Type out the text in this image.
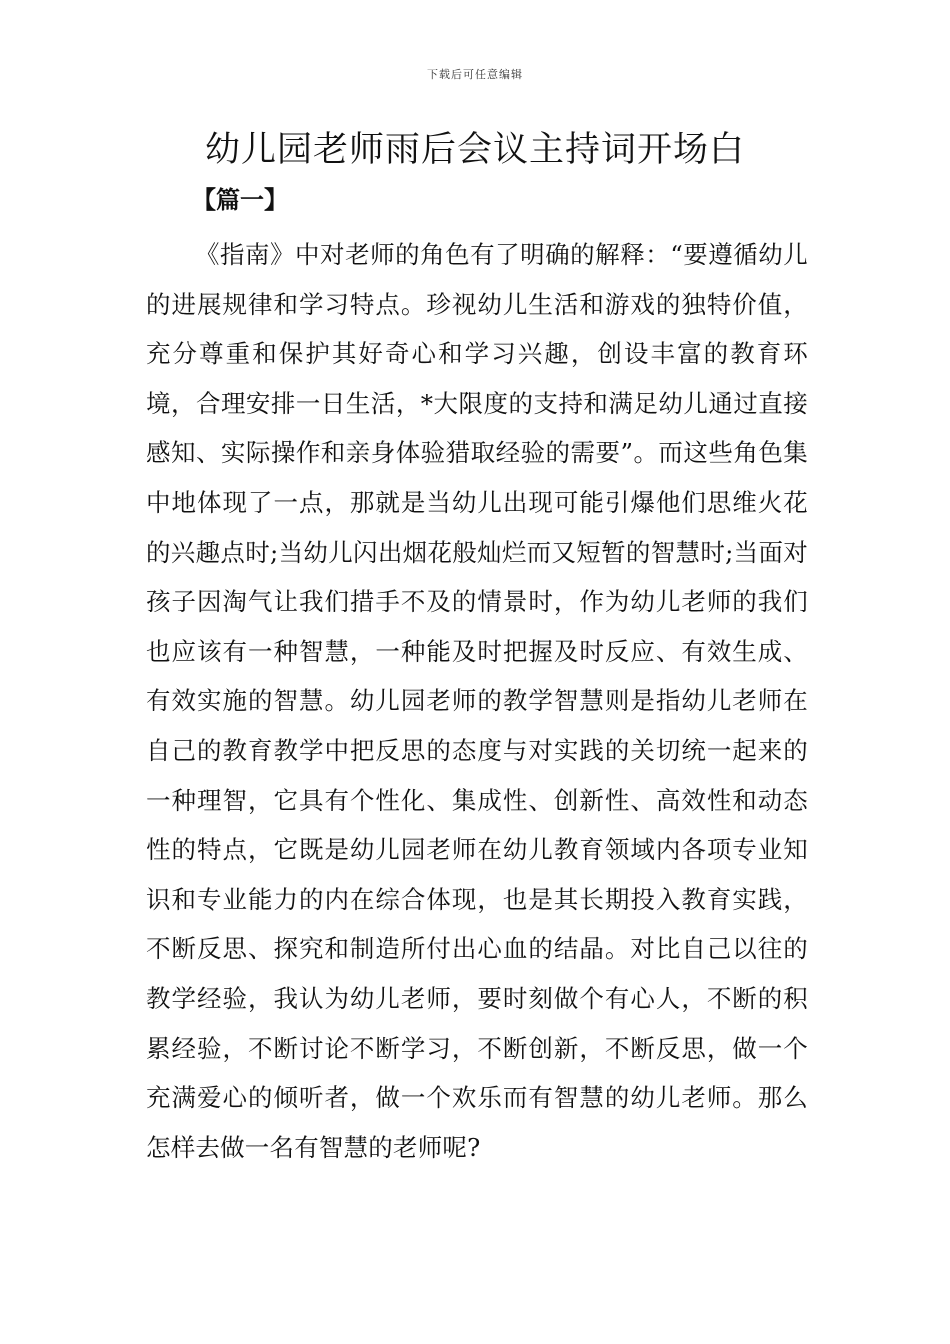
下载后可任意编辑
幼儿园老师雨后会议主持词开场白
【篇一】

《指南》中对老师的角色有了明确的解释：“要遵循幼儿的进展规律和学习特点。珍视幼儿生活和游戏的独特价值，充分尊重和保护其好奇心和学习兴趣，创设丰富的教育环境，合理安排一日生活，*大限度的支持和满足幼儿通过直接感知、实际操作和亲身体验猎取经验的需要”。而这些角色集中地体现了一点，那就是当幼儿出现可能引爆他们思维火花的兴趣点时;当幼儿闪出烟花般灿烂而又短暂的智慧时;当面对孩子因淘气让我们措手不及的情景时，作为幼儿老师的我们也应该有一种智慧，一种能及时把握及时反应、有效生成、有效实施的智慧。幼儿园老师的教学智慧则是指幼儿老师在自己的教育教学中把反思的态度与对实践的关切统一起来的一种理智，它具有个性化、集成性、创新性、高效性和动态性的特点，它既是幼儿园老师在幼儿教育领域内各项专业知识和专业能力的内在综合体现，也是其长期投入教育实践，不断反思、探究和制造所付出心血的结晶。对比自己以往的教学经验，我认为幼儿老师，要时刻做个有心人，不断的积累经验，不断讨论不断学习，不断创新，不断反思，做一个充满爱心的倾听者，做一个欢乐而有智慧的幼儿老师。那么怎样去做一名有智慧的老师呢?
